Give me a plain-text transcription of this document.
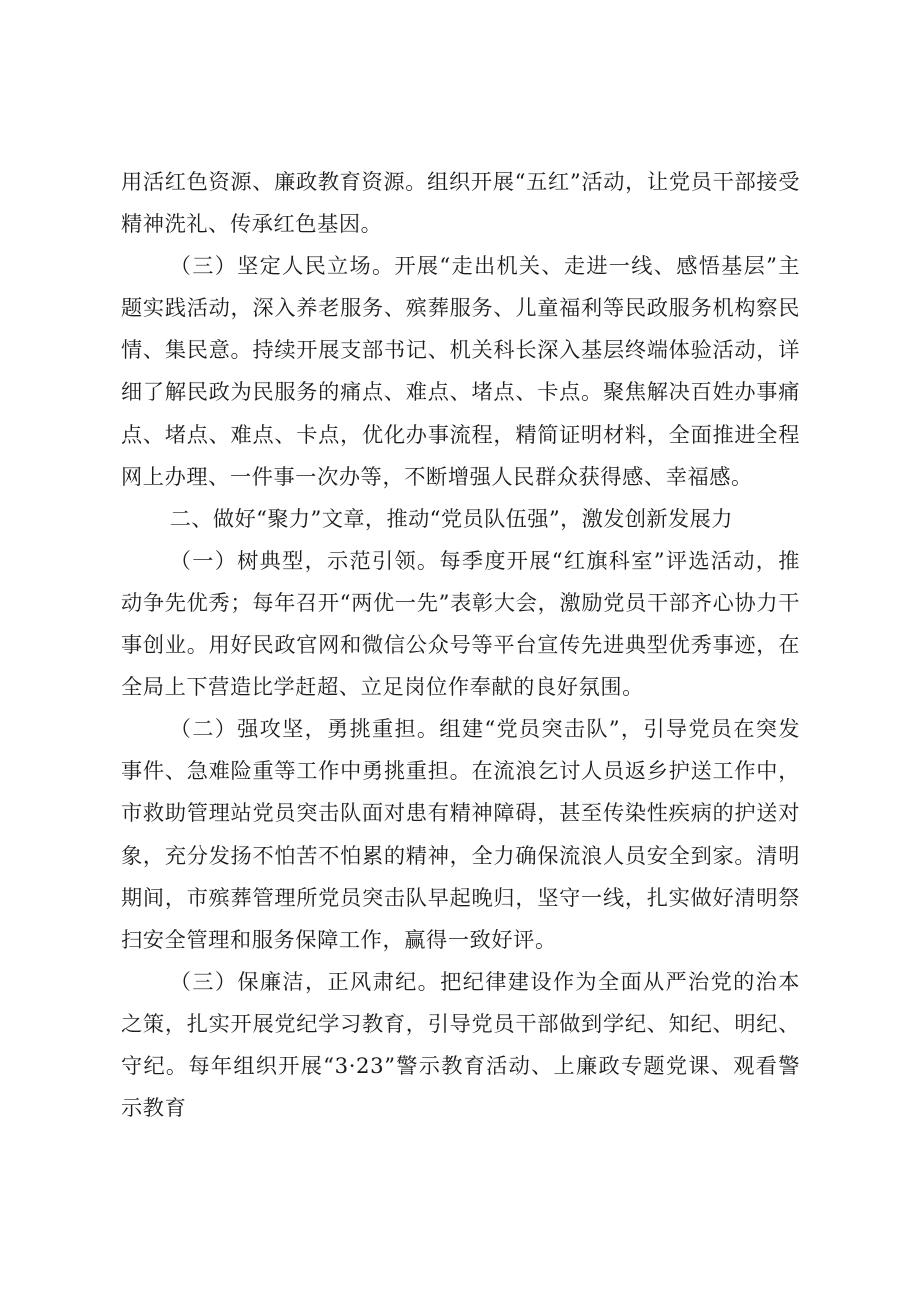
用活红色资源、廉政教育资源。组织开展“五红”活动，让党员干部接受精神洗礼、传承红色基因。

（三）坚定人民立场。开展“走出机关、走进一线、感悟基层”主题实践活动，深入养老服务、殡葬服务、儿童福利等民政服务机构察民情、集民意。持续开展支部书记、机关科长深入基层终端体验活动，详细了解民政为民服务的痛点、难点、堵点、卡点。聚焦解决百姓办事痛点、堵点、难点、卡点，优化办事流程，精简证明材料，全面推进全程网上办理、一件事一次办等，不断增强人民群众获得感、幸福感。

二、做好“聚力”文章，推动“党员队伍强”，激发创新发展力

（一）树典型，示范引领。每季度开展“红旗科室”评选活动，推动争先优秀；每年召开“两优一先”表彰大会，激励党员干部齐心协力干事创业。用好民政官网和微信公众号等平台宣传先进典型优秀事迹，在全局上下营造比学赶超、立足岗位作奉献的良好氛围。

（二）强攻坚，勇挑重担。组建“党员突击队”，引导党员在突发事件、急难险重等工作中勇挑重担。在流浪乞讨人员返乡护送工作中，市救助管理站党员突击队面对患有精神障碍，甚至传染性疾病的护送对象，充分发扬不怕苦不怕累的精神，全力确保流浪人员安全到家。清明期间，市殡葬管理所党员突击队早起晚归，坚守一线，扎实做好清明祭扫安全管理和服务保障工作，赢得一致好评。

（三）保廉洁，正风肃纪。把纪律建设作为全面从严治党的治本之策，扎实开展党纪学习教育，引导党员干部做到学纪、知纪、明纪、守纪。每年组织开展“3·23”警示教育活动、上廉政专题党课、观看警示教育
